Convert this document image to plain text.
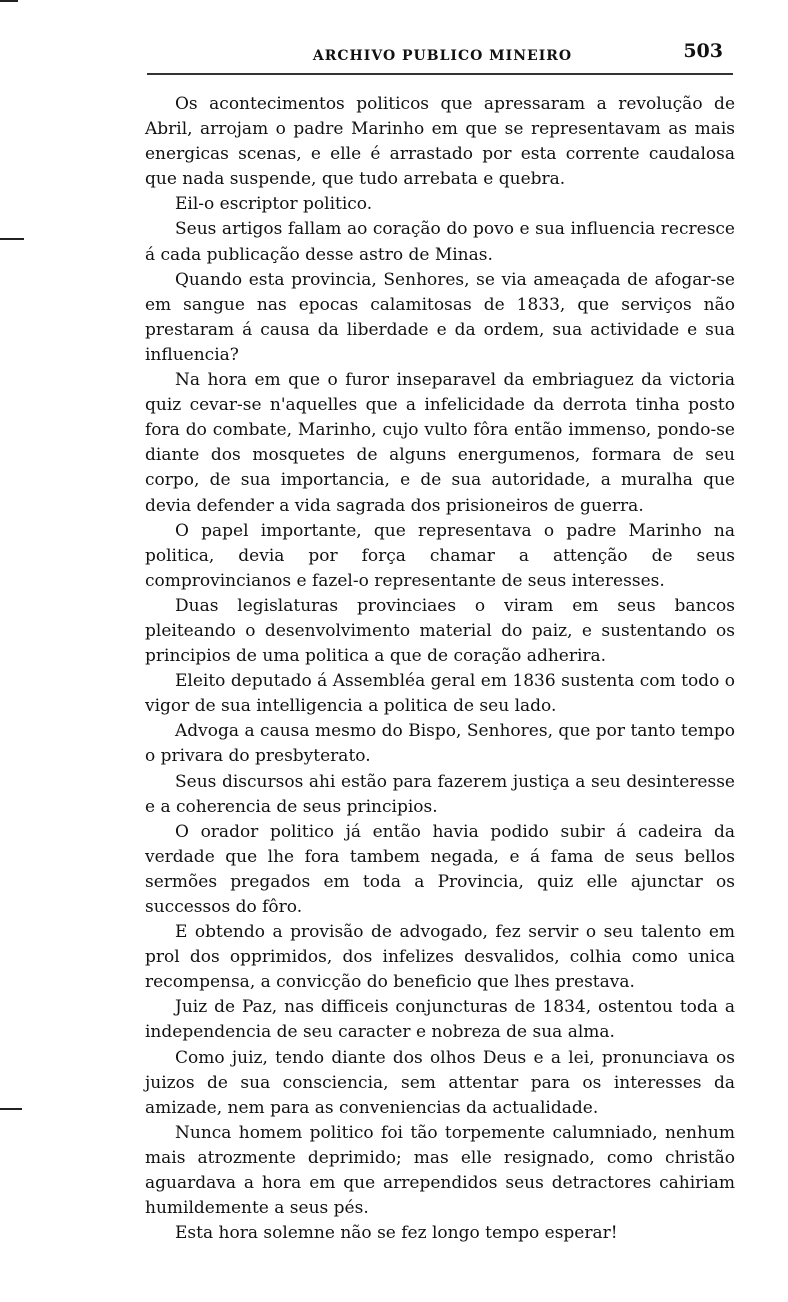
ARCHIVO PUBLICO MINEIRO	503

Os acontecimentos politicos que apressaram a revolução de Abril, arrojam o padre Marinho em que se representavam as mais energicas scenas, e elle é arrastado por esta corrente caudalosa que nada suspende, que tudo arrebata e quebra.

Eil-o escriptor politico.

Seus artigos fallam ao coração do povo e sua influencia recresce á cada publicação desse astro de Minas.

Quando esta provincia, Senhores, se via ameaçada de afogar-se em sangue nas epocas calamitosas de 1833, que serviços não prestaram á causa da liberdade e da ordem, sua actividade e sua influencia?

Na hora em que o furor inseparavel da embriaguez da victoria quiz cevar-se n'aquelles que a infelicidade da derrota tinha posto fora do combate, Marinho, cujo vulto fôra então immenso, pondo-se diante dos mosquetes de alguns energumenos, formara de seu corpo, de sua importancia, e de sua autoridade, a muralha que devia defender a vida sagrada dos prisioneiros de guerra.

O papel importante, que representava o padre Marinho na politica, devia por força chamar a attenção de seus comprovincianos e fazel-o representante de seus interesses.

Duas legislaturas provinciaes o viram em seus bancos pleiteando o desenvolvimento material do paiz, e sustentando os principios de uma politica a que de coração adherira.

Eleito deputado á Assembléa geral em 1836 sustenta com todo o vigor de sua intelligencia a politica de seu lado.

Advoga a causa mesmo do Bispo, Senhores, que por tanto tempo o privara do presbyterato.

Seus discursos ahi estão para fazerem justiça a seu desinteresse e a coherencia de seus principios.

O orador politico já então havia podido subir á cadeira da verdade que lhe fora tambem negada, e á fama de seus bellos sermões pregados em toda a Provincia, quiz elle ajunctar os successos do fôro.

E obtendo a provisão de advogado, fez servir o seu talento em prol dos opprimidos, dos infelizes desvalidos, colhia como unica recompensa, a convicção do beneficio que lhes prestava.

Juiz de Paz, nas difficeis conjuncturas de 1834, ostentou toda a independencia de seu caracter e nobreza de sua alma.

Como juiz, tendo diante dos olhos Deus e a lei, pronunciava os juizos de sua consciencia, sem attentar para os interesses da amizade, nem para as conveniencias da actualidade.

Nunca homem politico foi tão torpemente calumniado, nenhum mais atrozmente deprimido; mas elle resignado, como christão aguardava a hora em que arrependidos seus detractores cahiriam humildemente a seus pés.

Esta hora solemne não se fez longo tempo esperar!
